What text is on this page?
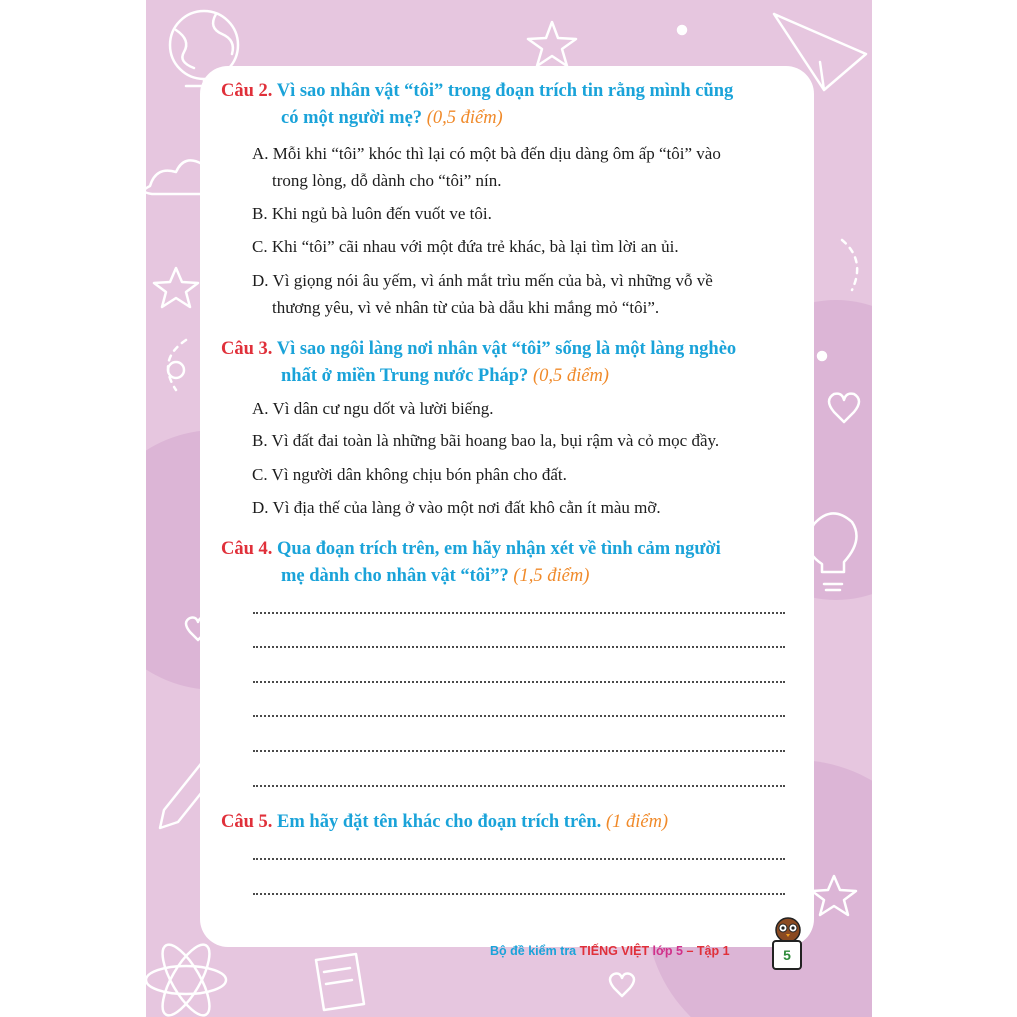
Câu 2. Vì sao nhân vật “tôi” trong đoạn trích tin rằng mình cũng
có một người mẹ? (0,5 điểm)
A. Mỗi khi “tôi” khóc thì lại có một bà đến dịu dàng ôm ấp “tôi” vào
trong lòng, dỗ dành cho “tôi” nín.
B. Khi ngủ bà luôn đến vuốt ve tôi.
C. Khi “tôi” cãi nhau với một đứa trẻ khác, bà lại tìm lời an ủi.
D. Vì giọng nói âu yếm, vì ánh mắt trìu mến của bà, vì những vỗ về
thương yêu, vì vẻ nhân từ của bà dẫu khi mắng mỏ “tôi”.
Câu 3. Vì sao ngôi làng nơi nhân vật “tôi” sống là một làng nghèo
nhất ở miền Trung nước Pháp? (0,5 điểm)
A. Vì dân cư ngu dốt và lười biếng.
B. Vì đất đai toàn là những bãi hoang bao la, bụi rậm và cỏ mọc đầy.
C. Vì người dân không chịu bón phân cho đất.
D. Vì địa thế của làng ở vào một nơi đất khô cằn ít màu mỡ.
Câu 4. Qua đoạn trích trên, em hãy nhận xét về tình cảm người
mẹ dành cho nhân vật “tôi”? (1,5 điểm)
Câu 5. Em hãy đặt tên khác cho đoạn trích trên. (1 điểm)
Bộ đề kiểm tra TIẾNG VIỆT lớp 5 – Tập 1	5
